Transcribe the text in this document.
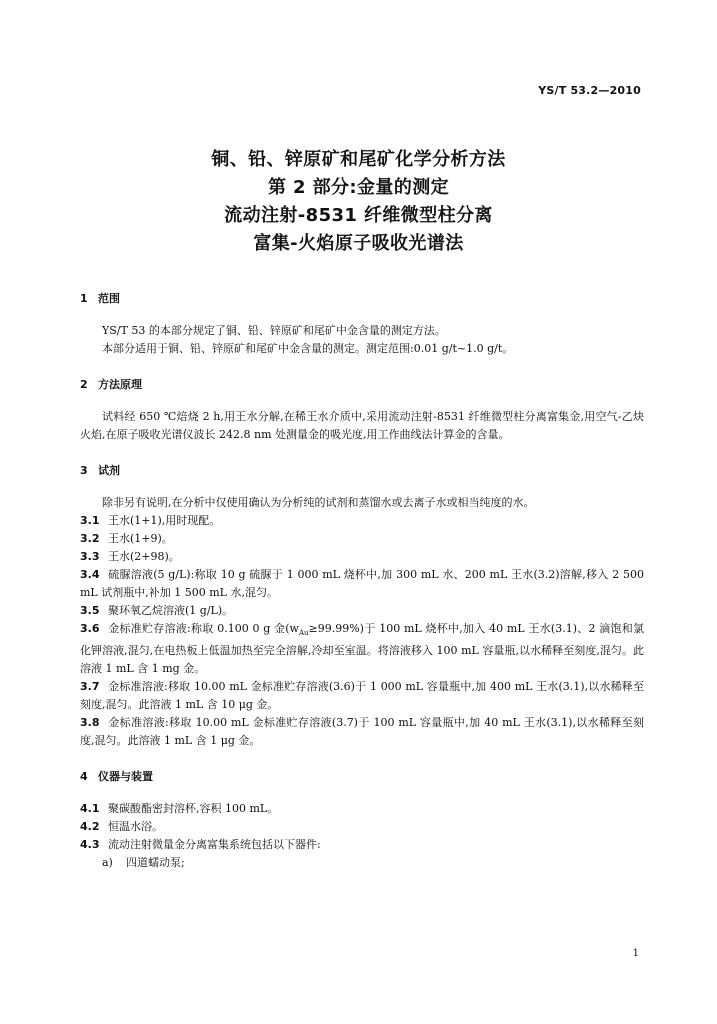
YS/T 53.2—2010
铜、铅、锌原矿和尾矿化学分析方法
第 2 部分:金量的测定
流动注射-8531 纤维微型柱分离
富集-火焰原子吸收光谱法
1 范围

YS/T 53 的本部分规定了铜、铅、锌原矿和尾矿中金含量的测定方法。

本部分适用于铜、铅、锌原矿和尾矿中金含量的测定。测定范围:0.01 g/t~1.0 g/t。

2 方法原理

试料经 650 ℃焙烧 2 h,用王水分解,在稀王水介质中,采用流动注射-8531 纤维微型柱分离富集金,用空气-乙炔火焰,在原子吸收光谱仪波长 242.8 nm 处测量金的吸光度,用工作曲线法计算金的含量。

3 试剂

除非另有说明,在分析中仅使用确认为分析纯的试剂和蒸馏水或去离子水或相当纯度的水。

3.1 王水(1+1),用时现配。

3.2 王水(1+9)。

3.3 王水(2+98)。

3.4 硫脲溶液(5 g/L):称取 10 g 硫脲于 1 000 mL 烧杯中,加 300 mL 水、200 mL 王水(3.2)溶解,移入 2 500 mL 试剂瓶中,补加 1 500 mL 水,混匀。

3.5 聚环氧乙烷溶液(1 g/L)。

3.6 金标准贮存溶液:称取 0.100 0 g 金$(w_{Au}\ge 99.99\%)$于 100 mL 烧杯中,加入 40 mL 王水(3.1)、2 滴饱和氯化钾溶液,混匀,在电热板上低温加热至完全溶解,冷却至室温。将溶液移入 100 mL 容量瓶,以水稀释至刻度,混匀。此溶液 1 mL 含 1 mg 金。

3.7 金标准溶液:移取 10.00 mL 金标准贮存溶液(3.6)于 1 000 mL 容量瓶中,加 400 mL 王水(3.1),以水稀释至刻度,混匀。此溶液 1 mL 含 10 μg 金。

3.8 金标准溶液:移取 10.00 mL 金标准贮存溶液(3.7)于 100 mL 容量瓶中,加 40 mL 王水(3.1),以水稀释至刻度,混匀。此溶液 1 mL 含 1 μg 金。

4 仪器与装置

4.1 聚碳酸酯密封溶杯,容积 100 mL。

4.2 恒温水浴。

4.3 流动注射微量金分离富集系统包括以下器件:

a) 四道蠕动泵;

1
